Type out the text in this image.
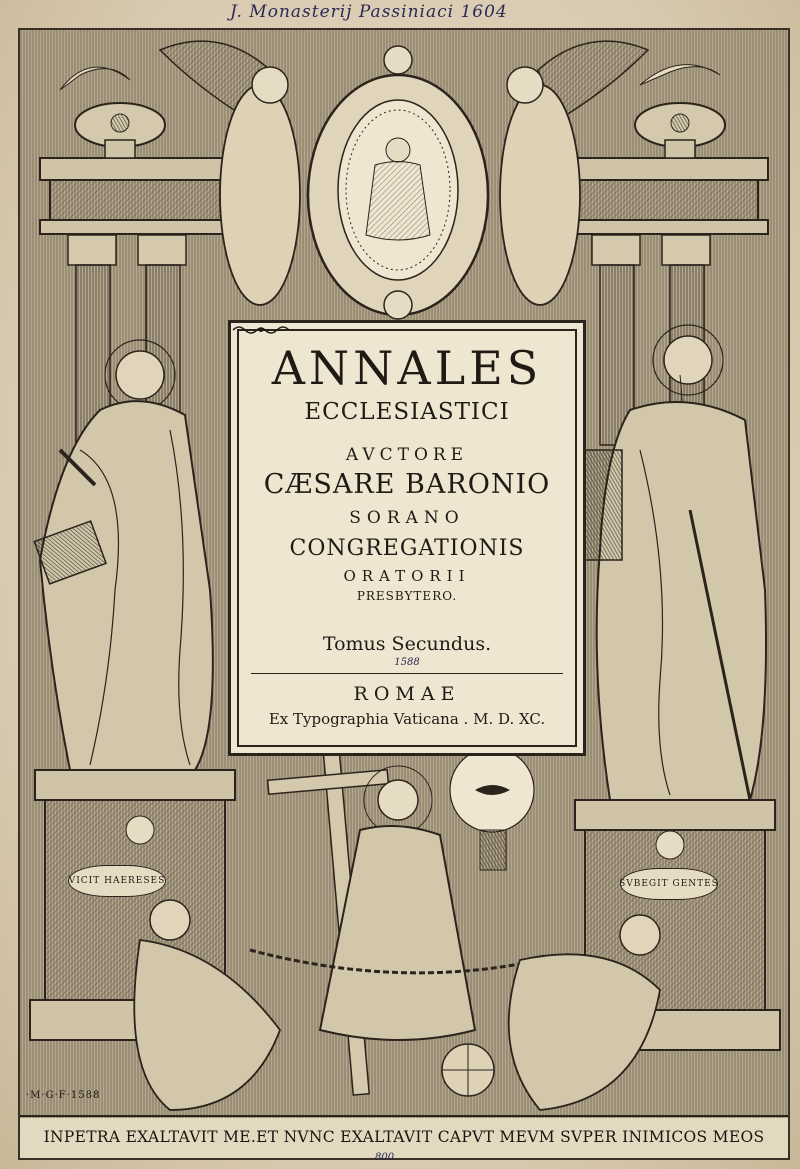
J. Monasterij Passiniaci 1604
ANNALES
ECCLESIASTICI
AVCTORE
CÆSARE BARONIO
SORANO
CONGREGATIONIS
ORATORII
PRESBYTERO.
Tomus Secundus.
1588
ROMAE
Ex Typographia Vaticana . M. D. XC.
VICIT HAERESES	SVBEGIT GENTES
·M·G·F·1588
INPETRA EXALTAVIT ME.ET NVNC EXALTAVIT CAPVT MEVM SVPER INIMICOS MEOS
800
